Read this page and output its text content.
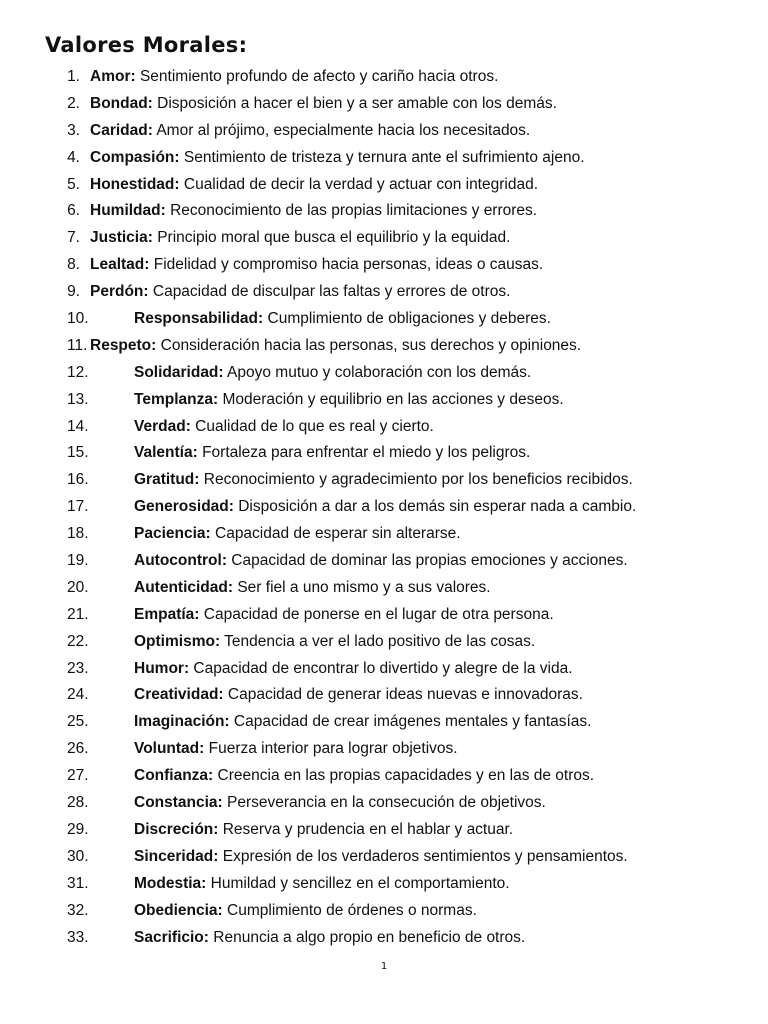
Valores Morales:
1. Amor: Sentimiento profundo de afecto y cariño hacia otros.
2. Bondad: Disposición a hacer el bien y a ser amable con los demás.
3. Caridad: Amor al prójimo, especialmente hacia los necesitados.
4. Compasión: Sentimiento de tristeza y ternura ante el sufrimiento ajeno.
5. Honestidad: Cualidad de decir la verdad y actuar con integridad.
6. Humildad: Reconocimiento de las propias limitaciones y errores.
7. Justicia: Principio moral que busca el equilibrio y la equidad.
8. Lealtad: Fidelidad y compromiso hacia personas, ideas o causas.
9. Perdón: Capacidad de disculpar las faltas y errores de otros.
10.	Responsabilidad: Cumplimiento de obligaciones y deberes.
11. Respeto: Consideración hacia las personas, sus derechos y opiniones.
12.	Solidaridad: Apoyo mutuo y colaboración con los demás.
13.	Templanza: Moderación y equilibrio en las acciones y deseos.
14.	Verdad: Cualidad de lo que es real y cierto.
15.	Valentía: Fortaleza para enfrentar el miedo y los peligros.
16.	Gratitud: Reconocimiento y agradecimiento por los beneficios recibidos.
17.	Generosidad: Disposición a dar a los demás sin esperar nada a cambio.
18.	Paciencia: Capacidad de esperar sin alterarse.
19.	Autocontrol: Capacidad de dominar las propias emociones y acciones.
20.	Autenticidad: Ser fiel a uno mismo y a sus valores.
21.	Empatía: Capacidad de ponerse en el lugar de otra persona.
22.	Optimismo: Tendencia a ver el lado positivo de las cosas.
23.	Humor: Capacidad de encontrar lo divertido y alegre de la vida.
24.	Creatividad: Capacidad de generar ideas nuevas e innovadoras.
25.	Imaginación: Capacidad de crear imágenes mentales y fantasías.
26.	Voluntad: Fuerza interior para lograr objetivos.
27.	Confianza: Creencia en las propias capacidades y en las de otros.
28.	Constancia: Perseverancia en la consecución de objetivos.
29.	Discreción: Reserva y prudencia en el hablar y actuar.
30.	Sinceridad: Expresión de los verdaderos sentimientos y pensamientos.
31.	Modestia: Humildad y sencillez en el comportamiento.
32.	Obediencia: Cumplimiento de órdenes o normas.
33.	Sacrificio: Renuncia a algo propio en beneficio de otros.
1
